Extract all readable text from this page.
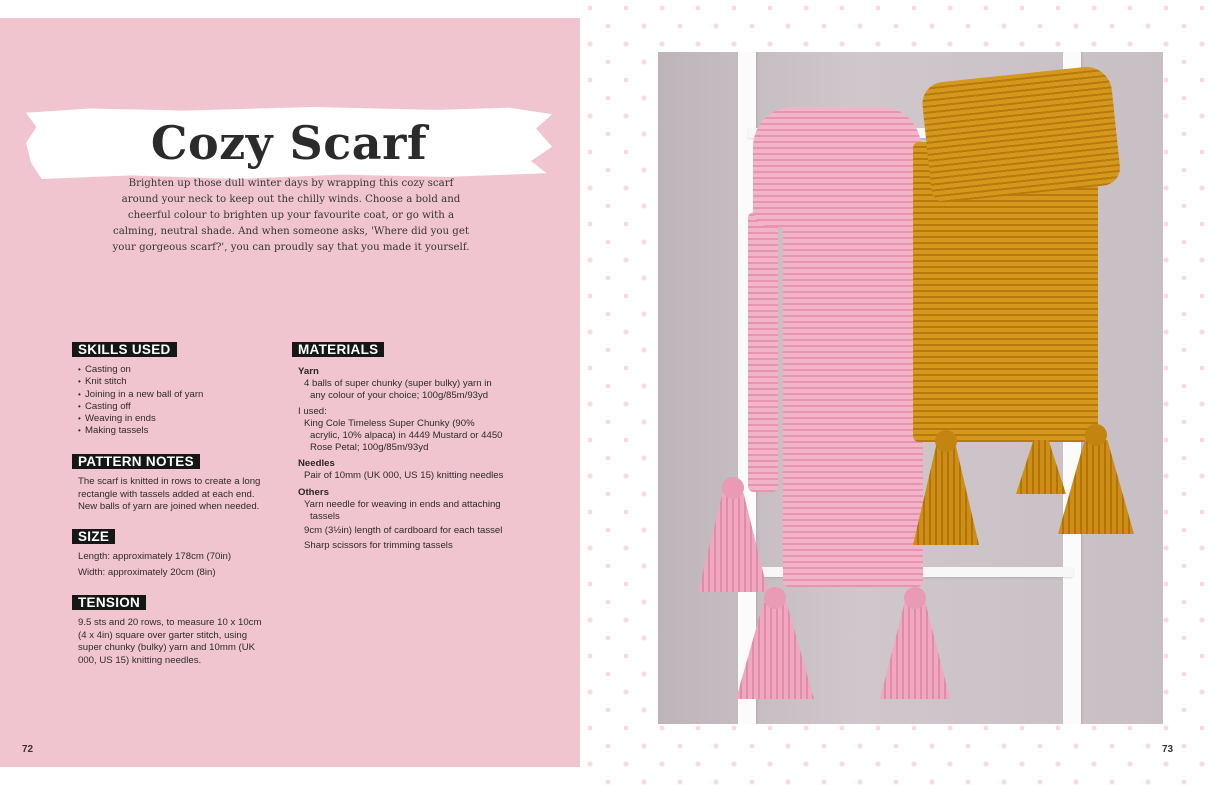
Cozy Scarf

Brighten up those dull winter days by wrapping this cozy scarf around your neck to keep out the chilly winds. Choose a bold and cheerful colour to brighten up your favourite coat, or go with a calming, neutral shade. And when someone asks, 'Where did you get your gorgeous scarf?', you can proudly say that you made it yourself.

SKILLS USED
• Casting on
• Knit stitch
• Joining in a new ball of yarn
• Casting off
• Weaving in ends
• Making tassels
PATTERN NOTES

The scarf is knitted in rows to create a long rectangle with tassels added at each end. New balls of yarn are joined when needed.

SIZE

Length: approximately 178cm (70in)

Width: approximately 20cm (8in)

TENSION

9.5 sts and 20 rows, to measure 10 x 10cm (4 x 4in) square over garter stitch, using super chunky (bulky) yarn and 10mm (UK 000, US 15) knitting needles.

MATERIALS

Yarn

4 balls of super chunky (super bulky) yarn in any colour of your choice; 100g/85m/93yd

I used:

King Cole Timeless Super Chunky (90% acrylic, 10% alpaca) in 4449 Mustard or 4450 Rose Petal; 100g/85m/93yd

Needles

Pair of 10mm (UK 000, US 15) knitting needles

Others

Yarn needle for weaving in ends and attaching tassels

9cm (3½in) length of cardboard for each tassel

Sharp scissors for trimming tassels

72	73
